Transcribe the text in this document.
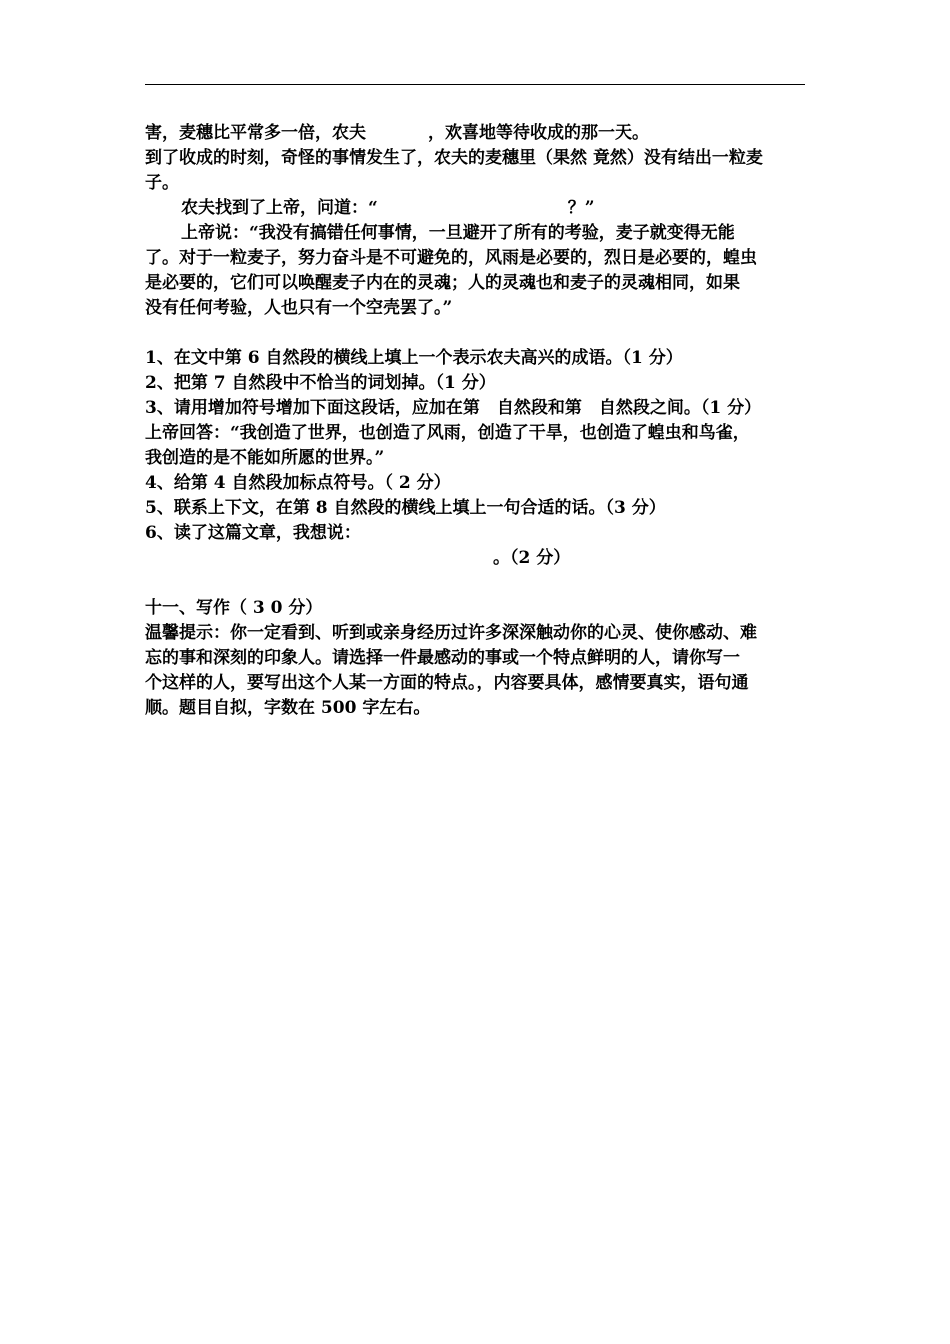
害，麦穗比平常多一倍，农夫	，欢喜地等待收成的那一天。
到了收成的时刻，奇怪的事情发生了，农夫的麦穗里（果然 竟然）没有结出一粒麦
子。
农夫找到了上帝，问道：“	？”
上帝说：“我没有搞错任何事情，一旦避开了所有的考验，麦子就变得无能
了。对于一粒麦子，努力奋斗是不可避免的，风雨是必要的，烈日是必要的，蝗虫
是必要的，它们可以唤醒麦子内在的灵魂；人的灵魂也和麦子的灵魂相同，如果
没有任何考验，人也只有一个空壳罢了。”
1、在文中第 6 自然段的横线上填上一个表示农夫高兴的成语。（1 分）
2、把第 7 自然段中不恰当的词划掉。（1 分）
3、请用增加符号增加下面这段话，应加在第　自然段和第　自然段之间。（1 分）
上帝回答：“我创造了世界，也创造了风雨，创造了干旱，也创造了蝗虫和鸟雀，
我创造的是不能如所愿的世界。”
4、给第 4 自然段加标点符号。（ 2 分）
5、联系上下文，在第 8 自然段的横线上填上一句合适的话。（3 分）
6、读了这篇文章，我想说：
。（2 分）
十一、写作（ 3 0 分）
温馨提示：你一定看到、听到或亲身经历过许多深深触动你的心灵、使你感动、难
忘的事和深刻的印象人。请选择一件最感动的事或一个特点鲜明的人，请你写一
个这样的人，要写出这个人某一方面的特点。，内容要具体，感情要真实，语句通
顺。题目自拟，字数在 500 字左右。
